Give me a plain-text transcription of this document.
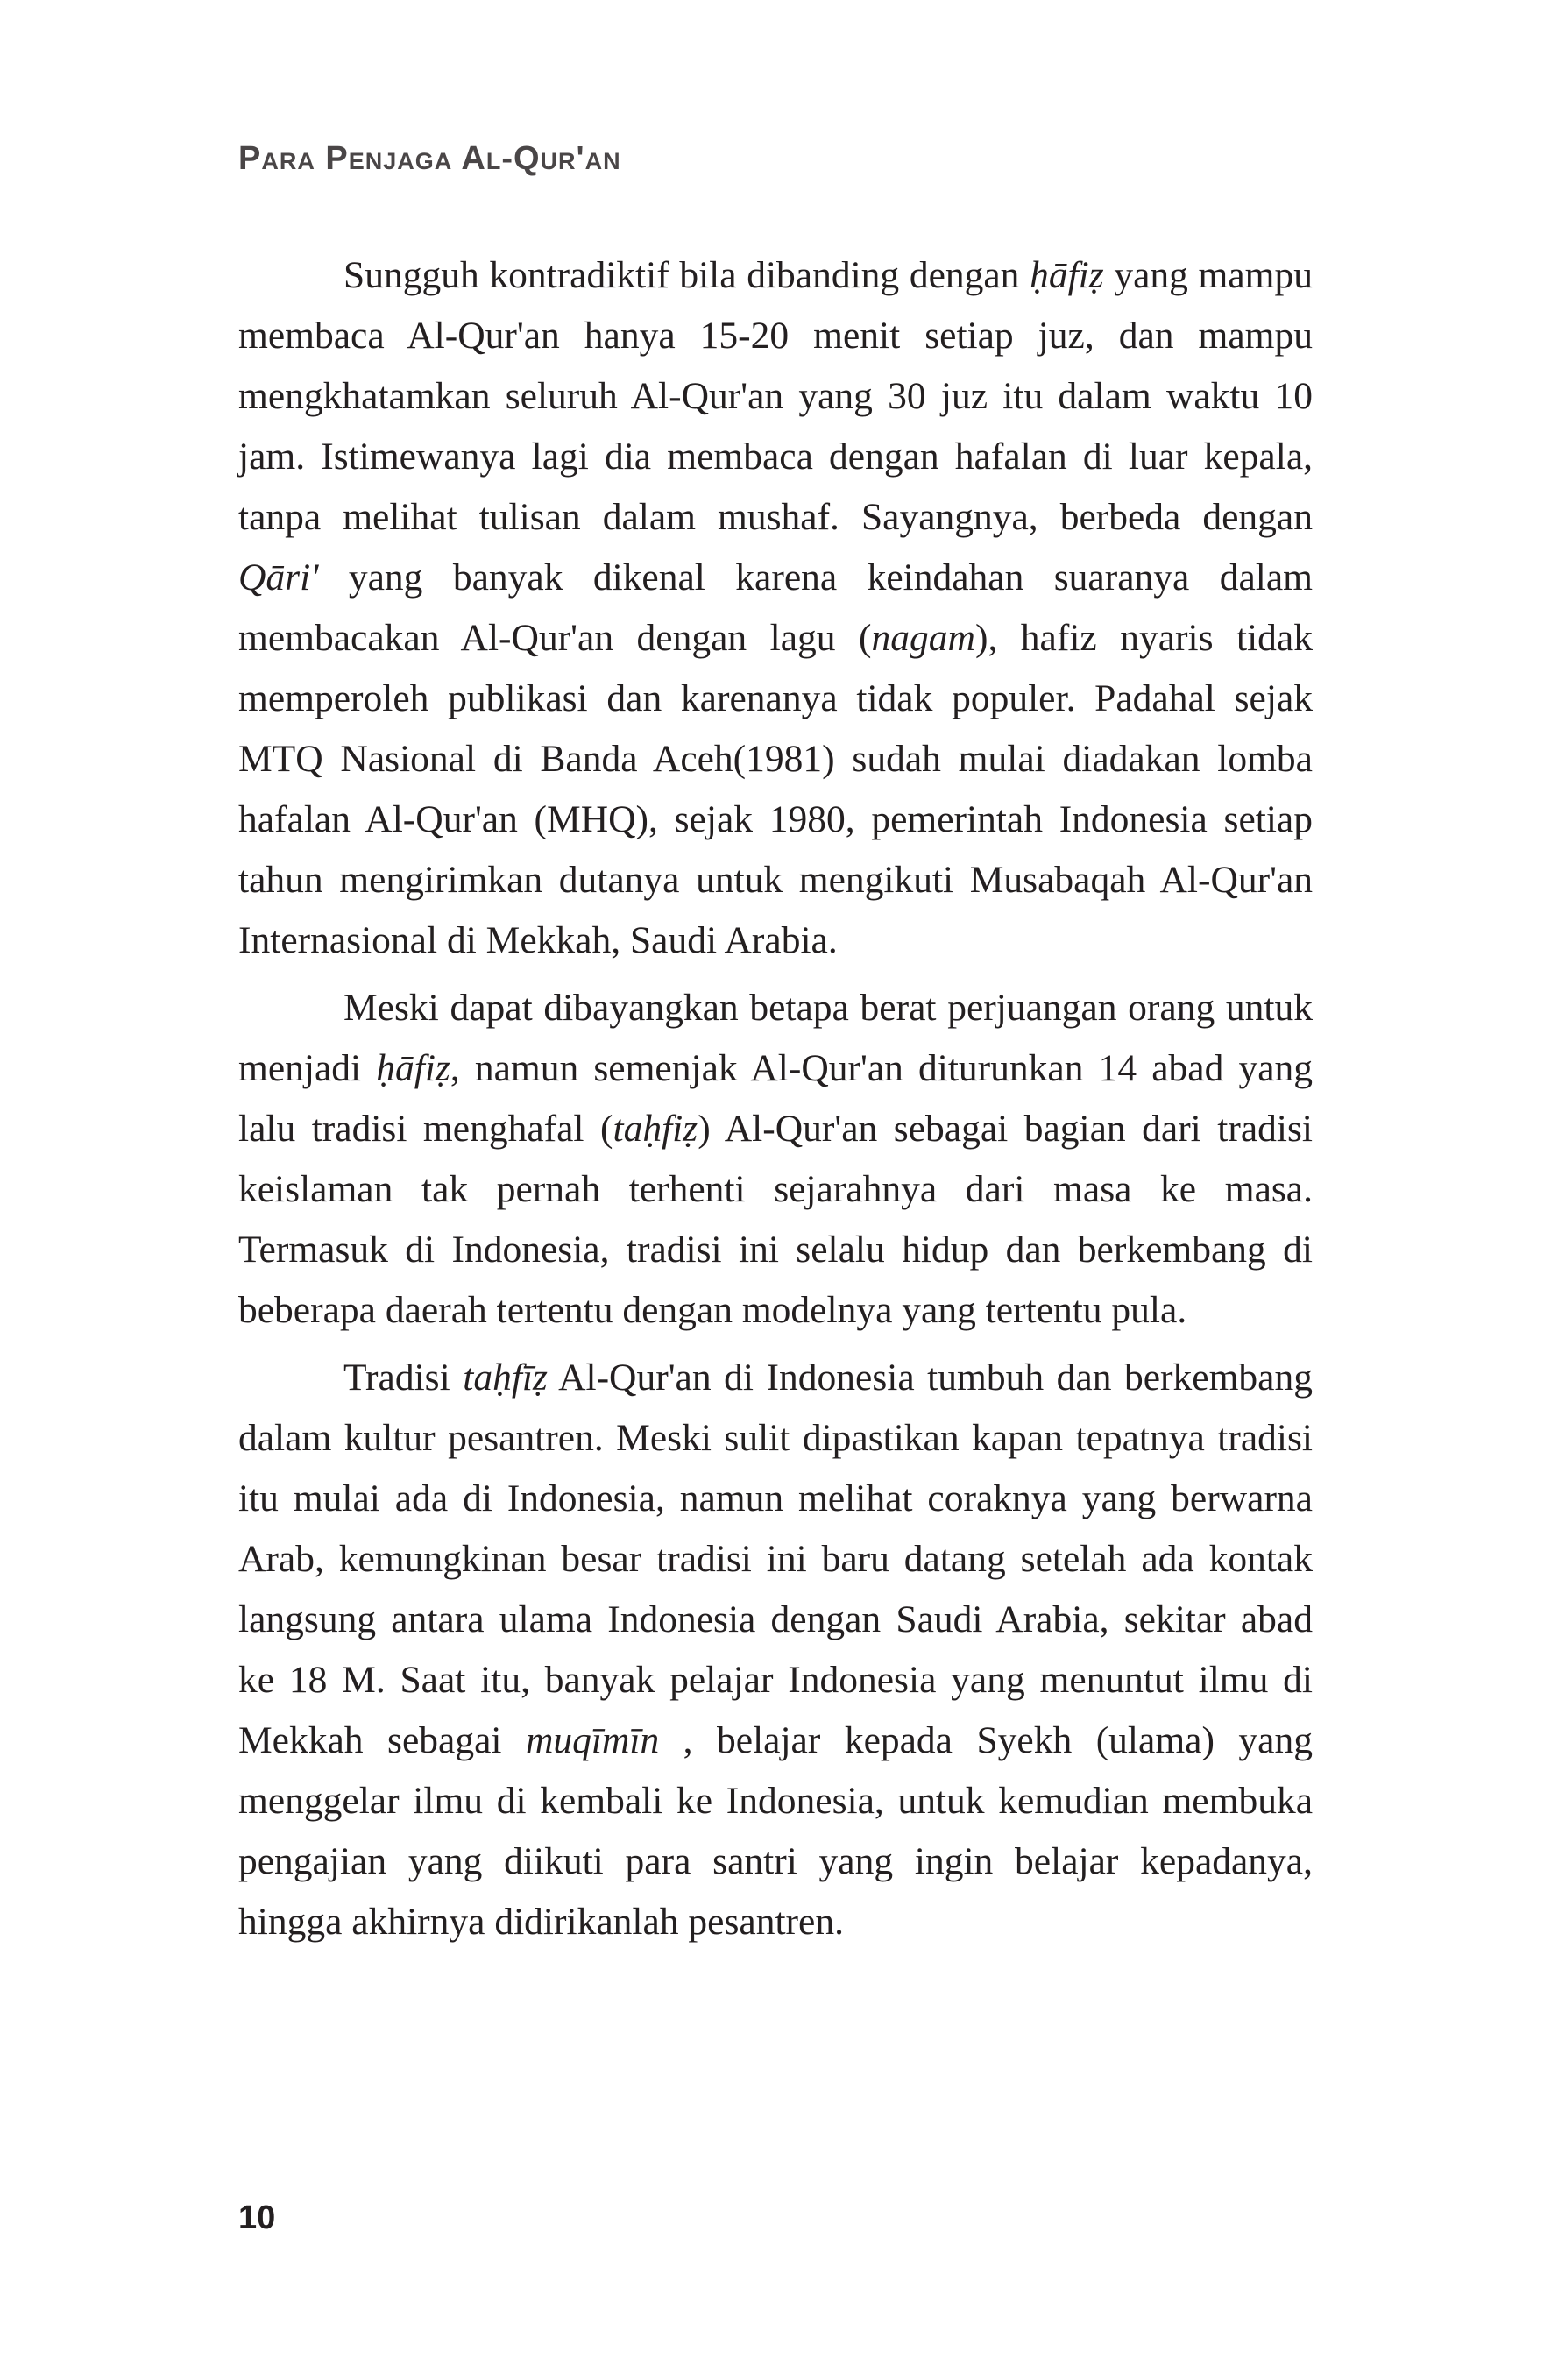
Para Penjaga Al-Qur'an

Sungguh kontradiktif bila dibanding dengan ḥāfiẓ yang mampu membaca Al-Qur'an hanya 15-20 menit setiap juz, dan mampu mengkhatamkan seluruh Al-Qur'an yang 30 juz itu dalam waktu 10 jam. Istimewanya lagi dia membaca dengan hafalan di luar kepala, tanpa melihat tulisan dalam mushaf. Sayangnya, berbeda dengan Qāri' yang banyak dikenal karena keindahan suaranya dalam membacakan Al-Qur'an dengan lagu (nagam), hafiz nyaris tidak memperoleh publikasi dan karenanya tidak populer. Padahal sejak MTQ Nasional di Banda Aceh(1981) sudah mulai diadakan lomba hafalan Al-Qur'an (MHQ), sejak 1980, pemerintah Indonesia setiap tahun mengirimkan dutanya untuk mengikuti Musabaqah Al-Qur'an Internasional di Mekkah, Saudi Arabia.

Meski dapat dibayangkan betapa berat perjuangan orang untuk menjadi ḥāfiẓ, namun semenjak Al-Qur'an diturunkan 14 abad yang lalu tradisi menghafal (taḥfiẓ) Al-Qur'an sebagai bagian dari tradisi keislaman tak pernah terhenti sejarahnya dari masa ke masa. Termasuk di Indonesia, tradisi ini selalu hidup dan berkembang di beberapa daerah tertentu dengan modelnya yang tertentu pula.

Tradisi taḥfīẓ Al-Qur'an di Indonesia tumbuh dan berkembang dalam kultur pesantren. Meski sulit dipastikan kapan tepatnya tradisi itu mulai ada di Indonesia, namun melihat coraknya yang berwarna Arab, kemungkinan besar tradisi ini baru datang setelah ada kontak langsung antara ulama Indonesia dengan Saudi Arabia, sekitar abad ke 18 M. Saat itu, banyak pelajar Indonesia yang menuntut ilmu di Mekkah sebagai muqīmīn , belajar kepada Syekh (ulama) yang menggelar ilmu di kembali ke Indonesia, untuk kemudian membuka pengajian yang diikuti para santri yang ingin belajar kepadanya, hingga akhirnya didirikanlah pesantren.

10
